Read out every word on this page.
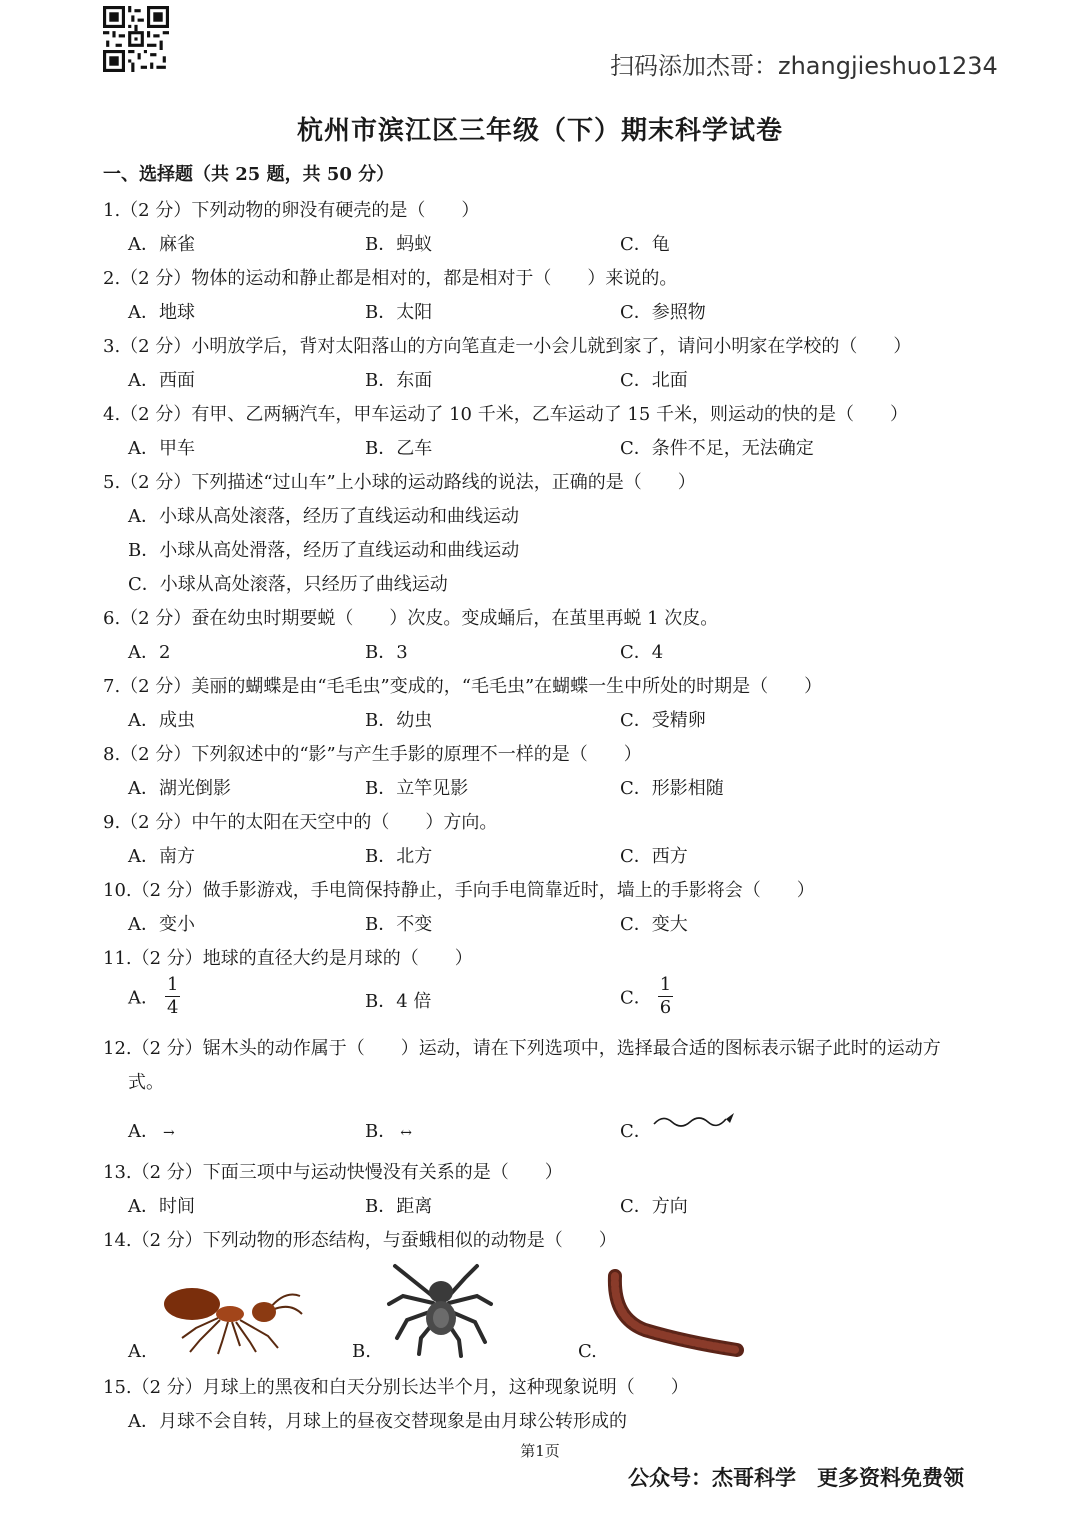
扫码添加杰哥：zhangjieshuo1234
杭州市滨江区三年级（下）期末科学试卷
一、选择题（共 25 题，共 50 分）
1.（2 分）下列动物的卵没有硬壳的是（　　）
A．麻雀	B．蚂蚁	C．龟
2.（2 分）物体的运动和静止都是相对的，都是相对于（　　）来说的。
A．地球	B．太阳	C．参照物
3.（2 分）小明放学后，背对太阳落山的方向笔直走一小会儿就到家了，请问小明家在学校的（　　）
A．西面	B．东面	C．北面
4.（2 分）有甲、乙两辆汽车，甲车运动了 10 千米，乙车运动了 15 千米，则运动的快的是（　　）
A．甲车	B．乙车	C．条件不足，无法确定
5.（2 分）下列描述“过山车”上小球的运动路线的说法，正确的是（　　）
A．小球从高处滚落，经历了直线运动和曲线运动
B．小球从高处滑落，经历了直线运动和曲线运动
C．小球从高处滚落，只经历了曲线运动
6.（2 分）蚕在幼虫时期要蜕（　　）次皮。变成蛹后，在茧里再蜕 1 次皮。
A．2	B．3	C．4
7.（2 分）美丽的蝴蝶是由“毛毛虫”变成的，“毛毛虫”在蝴蝶一生中所处的时期是（　　）
A．成虫	B．幼虫	C．受精卵
8.（2 分）下列叙述中的“影”与产生手影的原理不一样的是（　　）
A．湖光倒影	B．立竿见影	C．形影相随
9.（2 分）中午的太阳在天空中的（　　）方向。
A．南方	B．北方	C．西方
10.（2 分）做手影游戏，手电筒保持静止，手向手电筒靠近时，墙上的手影将会（　　）
A．变小	B．不变	C．变大
11.（2 分）地球的直径大约是月球的（　　）
A． $\frac{1}{4}$	B．4 倍	C． $\frac{1}{6}$
12.（2 分）锯木头的动作属于（　　）运动，请在下列选项中，选择最合适的图标表示锯子此时的运动方
式。
A． →	B． ↔	C．
13.（2 分）下面三项中与运动快慢没有关系的是（　　）
A．时间	B．距离	C．方向
14.（2 分）下列动物的形态结构，与蚕蛾相似的动物是（　　）
A.	B.	C.
15.（2 分）月球上的黑夜和白天分别长达半个月，这种现象说明（　　）
A．月球不会自转，月球上的昼夜交替现象是由月球公转形成的
第1页
公众号：杰哥科学　更多资料免费领
